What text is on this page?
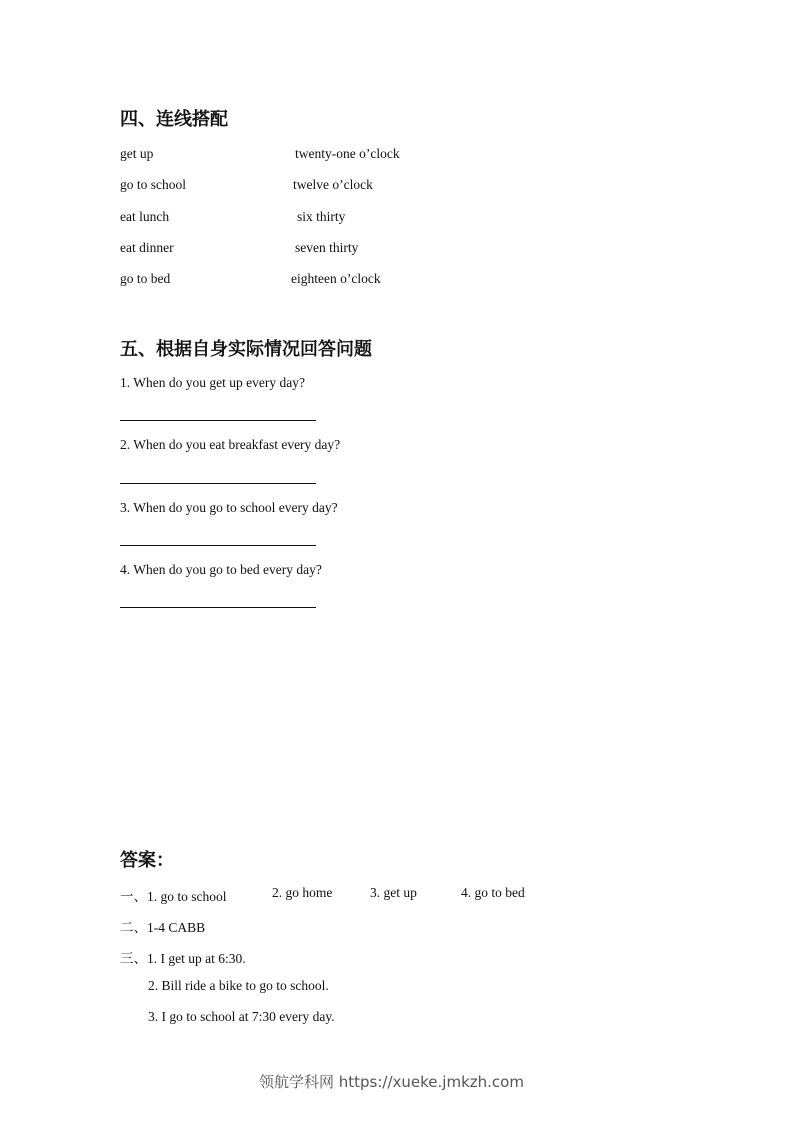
四、连线搭配
get up	twenty-one o’clock
go to school	twelve o’clock
eat lunch	six thirty
eat dinner	seven thirty
go to bed	eighteen o’clock
五、根据自身实际情况回答问题
1. When do you get up every day?
2. When do you eat breakfast every day?
3. When do you go to school every day?
4. When do you go to bed every day?
答案：
一、1. go to school	2. go home	3. get up	4. go to bed
二、1-4 CABB
三、1. I get up at 6:30.
2. Bill ride a bike to go to school.
3. I go to school at 7:30 every day.
领航学科网 https://xueke.jmkzh.com
